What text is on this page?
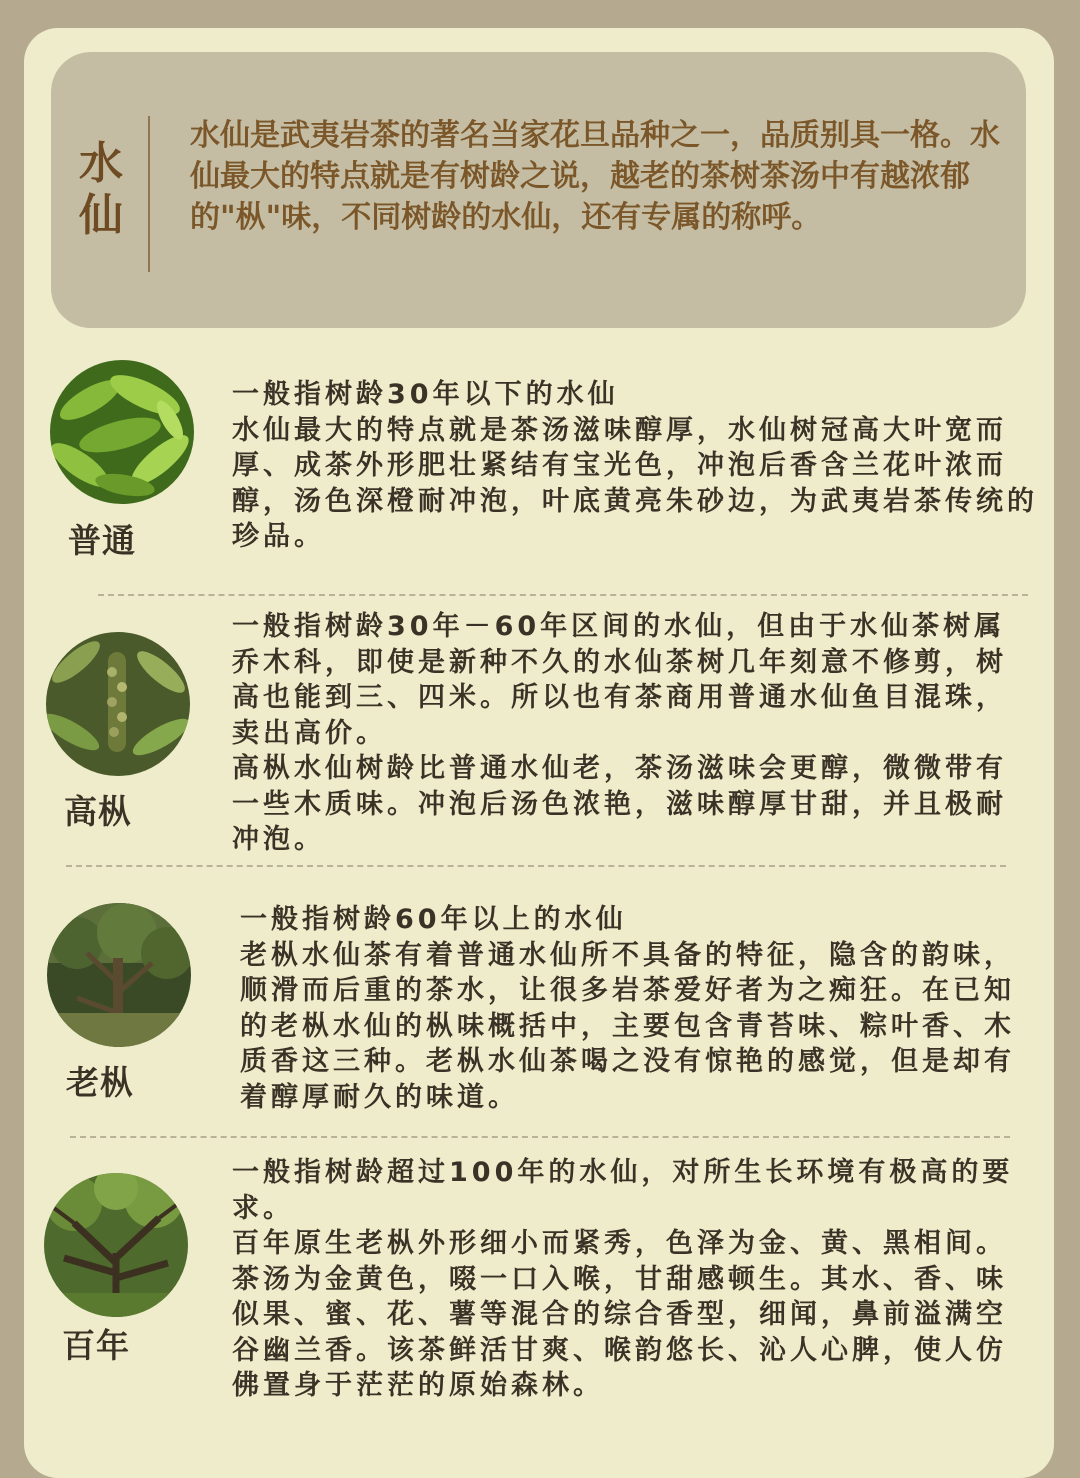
水仙
水仙是武夷岩茶的著名当家花旦品种之一，品质别具一格。水仙最大的特点就是有树龄之说，越老的茶树茶汤中有越浓郁的"枞"味，不同树龄的水仙，还有专属的称呼。
普通

一般指树龄30年以下的水仙

水仙最大的特点就是茶汤滋味醇厚，水仙树冠高大叶宽而厚、成茶外形肥壮紧结有宝光色，冲泡后香含兰花叶浓而醇，汤色深橙耐冲泡，叶底黄亮朱砂边，为武夷岩茶传统的珍品。

高枞

一般指树龄30年－60年区间的水仙，但由于水仙茶树属乔木科，即使是新种不久的水仙茶树几年刻意不修剪，树高也能到三、四米。所以也有茶商用普通水仙鱼目混珠，卖出高价。

高枞水仙树龄比普通水仙老，茶汤滋味会更醇，微微带有一些木质味。冲泡后汤色浓艳，滋味醇厚甘甜，并且极耐冲泡。

老枞

一般指树龄60年以上的水仙

老枞水仙茶有着普通水仙所不具备的特征，隐含的韵味，顺滑而后重的茶水，让很多岩茶爱好者为之痴狂。在已知的老枞水仙的枞味概括中，主要包含青苔味、粽叶香、木质香这三种。老枞水仙茶喝之没有惊艳的感觉，但是却有着醇厚耐久的味道。

百年

一般指树龄超过100年的水仙，对所生长环境有极高的要求。

百年原生老枞外形细小而紧秀，色泽为金、黄、黑相间。茶汤为金黄色，啜一口入喉，甘甜感顿生。其水、香、味似果、蜜、花、薯等混合的综合香型，细闻，鼻前溢满空谷幽兰香。该茶鲜活甘爽、喉韵悠长、沁人心脾，使人仿佛置身于茫茫的原始森林。
